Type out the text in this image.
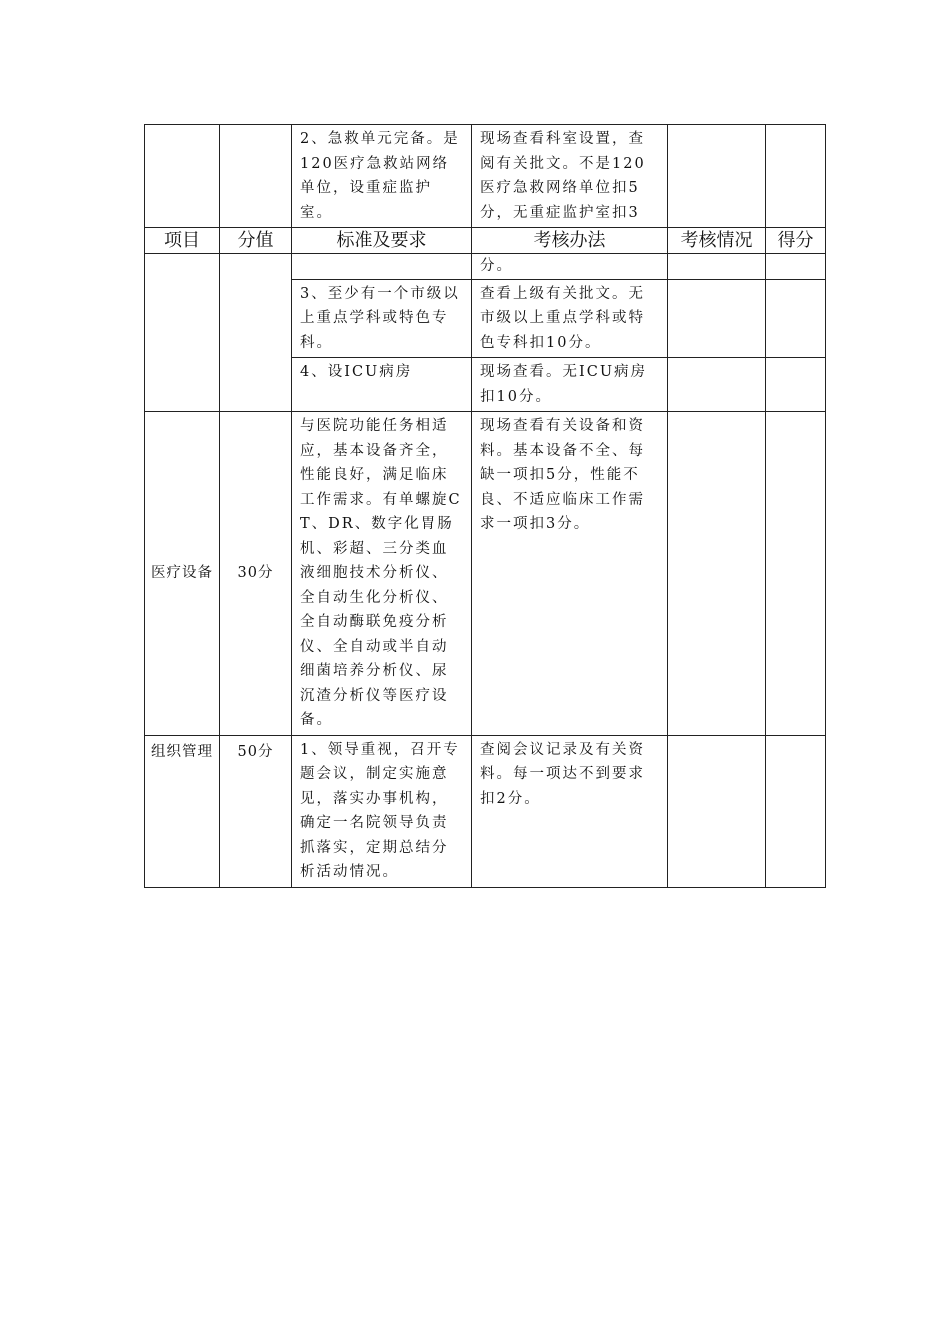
		2、急救单元完备。是120医疗急救站网络单位，设重症监护室。	现场查看科室设置，查阅有关批文。不是120医疗急救网络单位扣5分，无重症监护室扣3		
项目	分值	标准及要求	考核办法	考核情况	得分
			分。		
		3、至少有一个市级以上重点学科或特色专科。	查看上级有关批文。无市级以上重点学科或特色专科扣10分。		
		4、设ICU病房	现场查看。无ICU病房扣10分。		
医疗设备	30分	与医院功能任务相适应，基本设备齐全，性能良好，满足临床工作需求。有单螺旋CT、DR、数字化胃肠机、彩超、三分类血液细胞技术分析仪、全自动生化分析仪、全自动酶联免疫分析仪、全自动或半自动细菌培养分析仪、尿沉渣分析仪等医疗设备。	现场查看有关设备和资料。基本设备不全、每缺一项扣5分，性能不良、不适应临床工作需求一项扣3分。		
组织管理	50分	1、领导重视，召开专题会议，制定实施意见，落实办事机构，确定一名院领导负责抓落实，定期总结分析活动情况。	查阅会议记录及有关资料。每一项达不到要求扣2分。		
